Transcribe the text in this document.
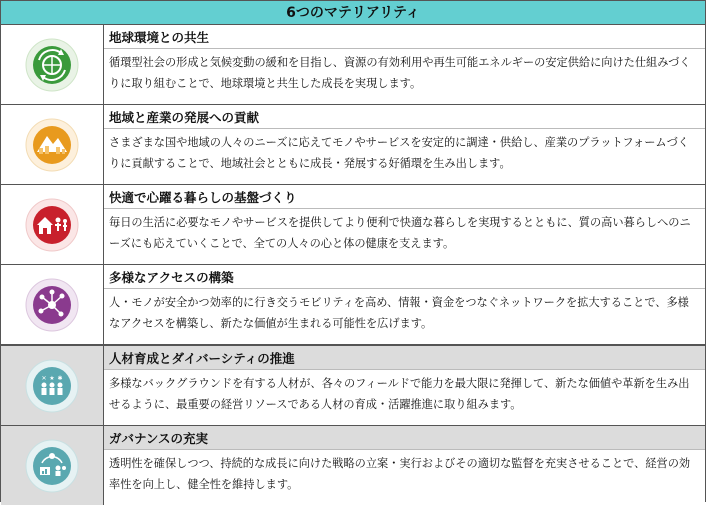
6つのマテリアリティ
地球環境との共生
循環型社会の形成と気候変動の緩和を目指し、資源の有効利用や再生可能エネルギーの安定供給に向けた仕組みづくりに取り組むことで、地球環境と共生した成長を実現します。
地域と産業の発展への貢献
さまざまな国や地域の人々のニーズに応えてモノやサービスを安定的に調達・供給し、産業のプラットフォームづくりに貢献することで、地域社会とともに成長・発展する好循環を生み出します。
快適で心躍る暮らしの基盤づくり
毎日の生活に必要なモノやサービスを提供してより便利で快適な暮らしを実現するとともに、質の高い暮らしへのニーズにも応えていくことで、全ての人々の心と体の健康を支えます。
多様なアクセスの構築
人・モノが安全かつ効率的に行き交うモビリティを高め、情報・資金をつなぐネットワークを拡大することで、多様なアクセスを構築し、新たな価値が生まれる可能性を広げます。
✕ ★ ✱
人材育成とダイバーシティの推進
多様なバックグラウンドを有する人材が、各々のフィールドで能力を最大限に発揮して、新たな価値や革新を生み出せるように、最重要の経営リソースである人材の育成・活躍推進に取り組みます。
ガバナンスの充実
透明性を確保しつつ、持続的な成長に向けた戦略の立案・実行およびその適切な監督を充実させることで、経営の効率性を向上し、健全性を維持します。
